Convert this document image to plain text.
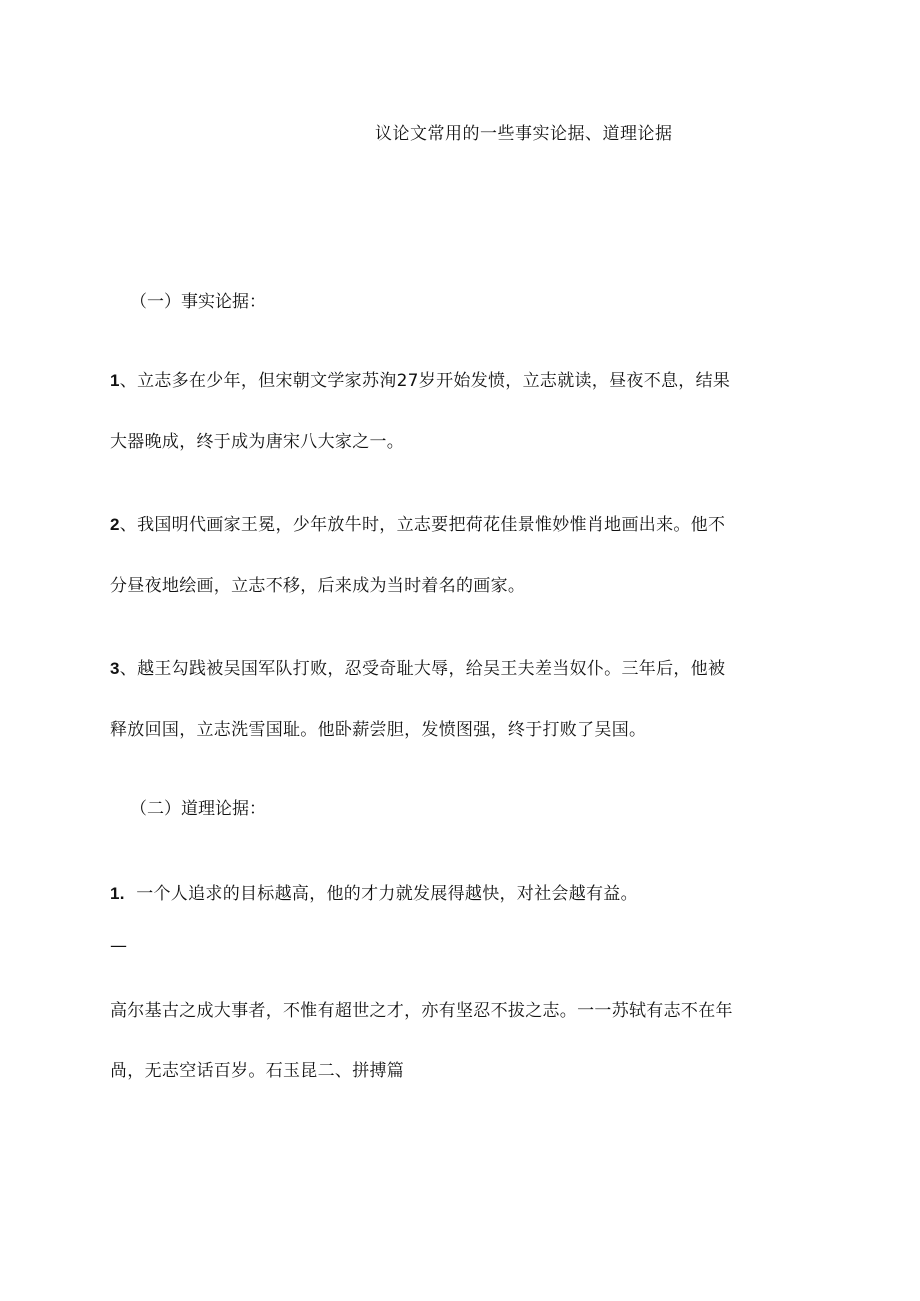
议论文常用的一些事实论据、道理论据
（一）事实论据：
1、立志多在少年，但宋朝文学家苏洵27岁开始发愤，立志就读，昼夜不息，结果
大器晚成，终于成为唐宋八大家之一。
2、我国明代画家王冕，少年放牛时，立志要把荷花佳景惟妙惟肖地画出来。他不
分昼夜地绘画，立志不移，后来成为当时着名的画家。
3、越王勾践被吴国军队打败，忍受奇耻大辱，给吴王夫差当奴仆。三年后，他被
释放回国，立志洗雪国耻。他卧薪尝胆，发愤图强，终于打败了吴国。
（二）道理论据：
1. 一个人追求的目标越高，他的才力就发展得越快，对社会越有益。
—
高尔基古之成大事者，不惟有超世之才，亦有坚忍不拔之志。一一苏轼有志不在年
咼，无志空话百岁。石玉昆二、拼搏篇
